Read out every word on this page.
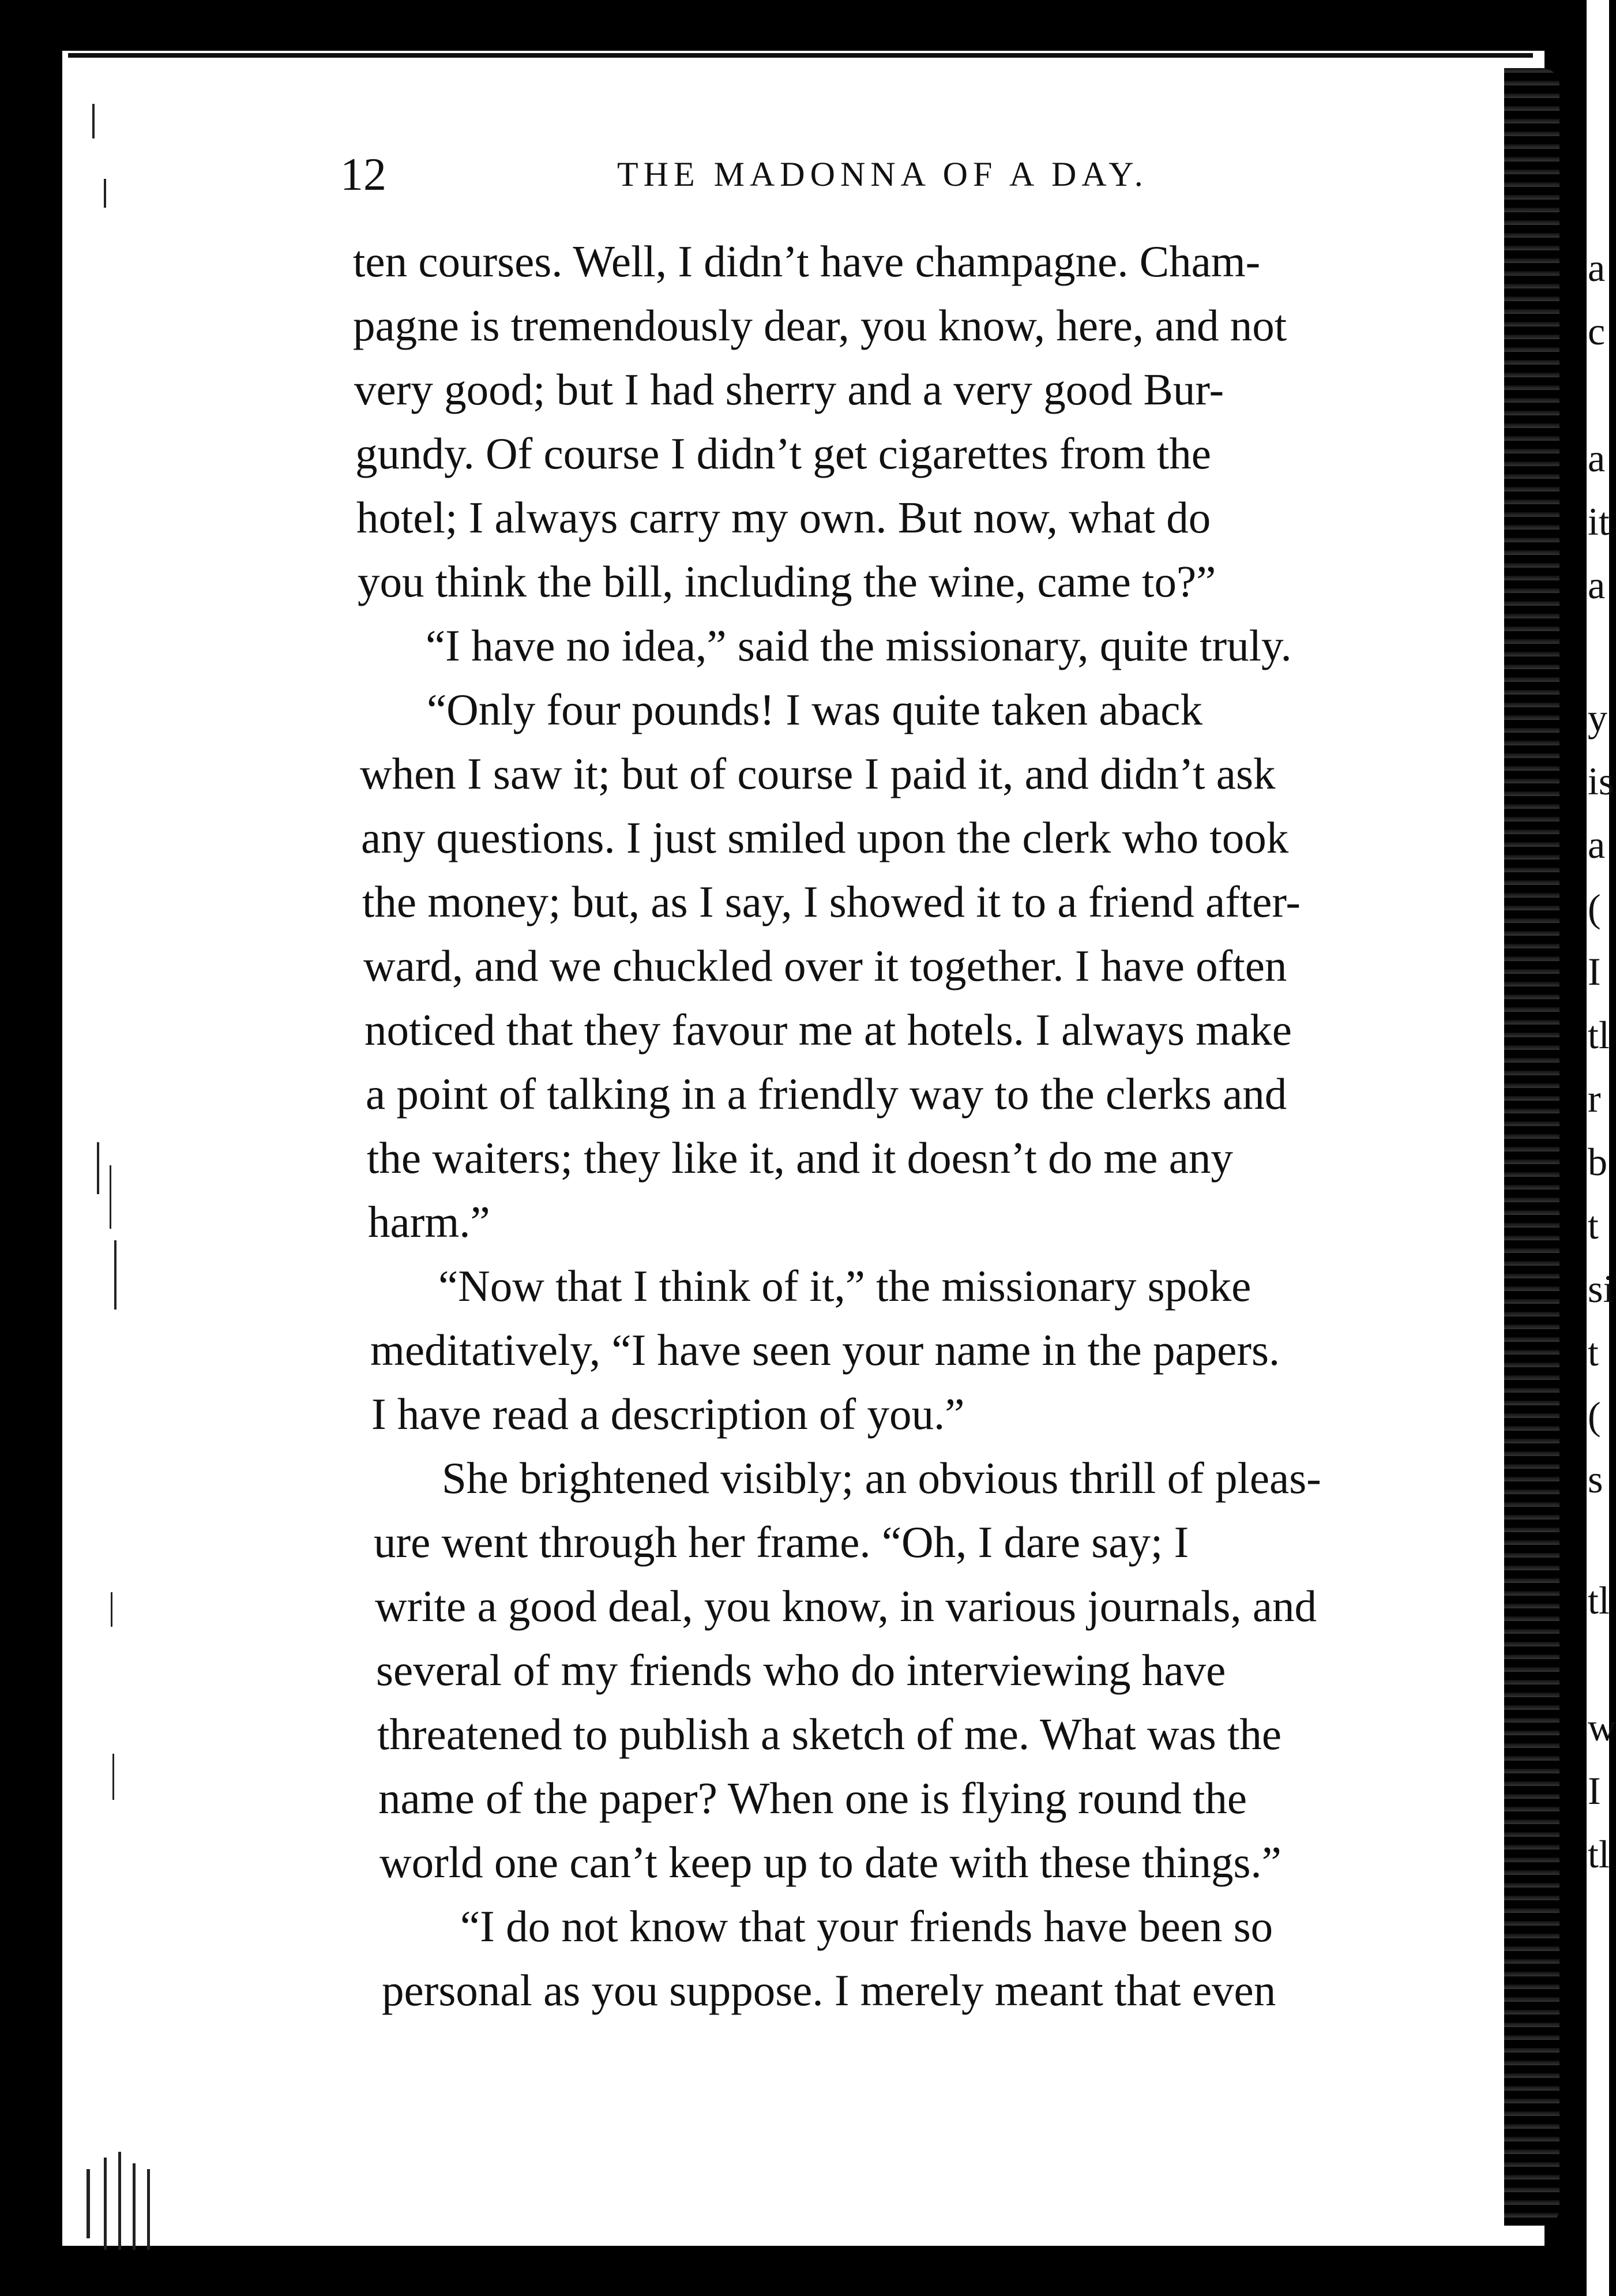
a
c
a
it
a
y
is
a
(
I
tl
r
b
t
si
t
(
s
tl
w
I
tl
12	THE MADONNA OF A DAY.
ten courses. Well, I didn’t have champagne. Cham-
pagne is tremendously dear, you know, here, and not
very good; but I had sherry and a very good Bur-
gundy. Of course I didn’t get cigarettes from the
hotel; I always carry my own. But now, what do
you think the bill, including the wine, came to?”
“I have no idea,” said the missionary, quite truly.
“Only four pounds! I was quite taken aback
when I saw it; but of course I paid it, and didn’t ask
any questions. I just smiled upon the clerk who took
the money; but, as I say, I showed it to a friend after-
ward, and we chuckled over it together. I have often
noticed that they favour me at hotels. I always make
a point of talking in a friendly way to the clerks and
the waiters; they like it, and it doesn’t do me any
harm.”
“Now that I think of it,” the missionary spoke
meditatively, “I have seen your name in the papers.
I have read a description of you.”
She brightened visibly; an obvious thrill of pleas-
ure went through her frame. “Oh, I dare say; I
write a good deal, you know, in various journals, and
several of my friends who do interviewing have
threatened to publish a sketch of me. What was the
name of the paper? When one is flying round the
world one can’t keep up to date with these things.”
“I do not know that your friends have been so
personal as you suppose. I merely meant that even
